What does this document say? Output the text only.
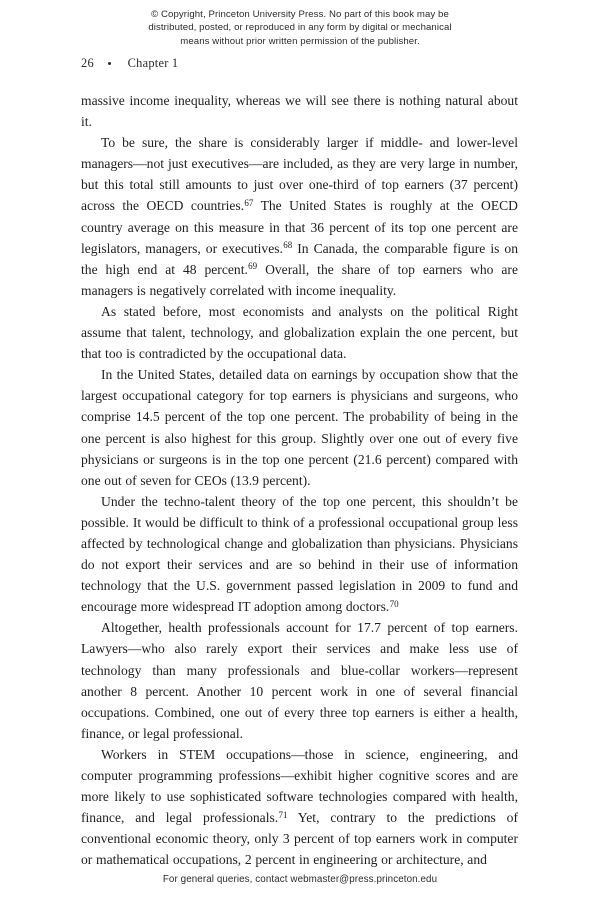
© Copyright, Princeton University Press. No part of this book may be
distributed, posted, or reproduced in any form by digital or mechanical
means without prior written permission of the publisher.
26	Chapter 1

massive income inequality, whereas we will see there is nothing natural about it.

To be sure, the share is considerably larger if middle- and lower-level managers—not just executives—are included, as they are very large in number, but this total still amounts to just over one-third of top earners (37 percent) across the OECD countries.$^{67}$ The United States is roughly at the OECD country average on this measure in that 36 percent of its top one percent are legislators, managers, or executives.$^{68}$ In Canada, the comparable figure is on the high end at 48 percent.$^{69}$ Overall, the share of top earners who are managers is negatively correlated with income inequality.

As stated before, most economists and analysts on the political Right assume that talent, technology, and globalization explain the one percent, but that too is contradicted by the occupational data.

In the United States, detailed data on earnings by occupation show that the largest occupational category for top earners is physicians and surgeons, who comprise 14.5 percent of the top one percent. The probability of being in the one percent is also highest for this group. Slightly over one out of every five physicians or surgeons is in the top one percent (21.6 percent) compared with one out of seven for CEOs (13.9 percent).

Under the techno-talent theory of the top one percent, this shouldn’t be possible. It would be difficult to think of a professional occupational group less affected by technological change and globalization than physicians. Physicians do not export their services and are so behind in their use of information technology that the U.S. government passed legislation in 2009 to fund and encourage more widespread IT adoption among doctors.$^{70}$

Altogether, health professionals account for 17.7 percent of top earners. Lawyers—who also rarely export their services and make less use of technology than many professionals and blue-collar workers—represent another 8 percent. Another 10 percent work in one of several financial occupations. Combined, one out of every three top earners is either a health, finance, or legal professional.

Workers in STEM occupations—those in science, engineering, and computer programming professions—exhibit higher cognitive scores and are more likely to use sophisticated software technologies compared with health, finance, and legal professionals.$^{71}$ Yet, contrary to the predictions of conventional economic theory, only 3 percent of top earners work in computer or mathematical occupations, 2 percent in engineering or architecture, and

For general queries, contact webmaster@press.princeton.edu
